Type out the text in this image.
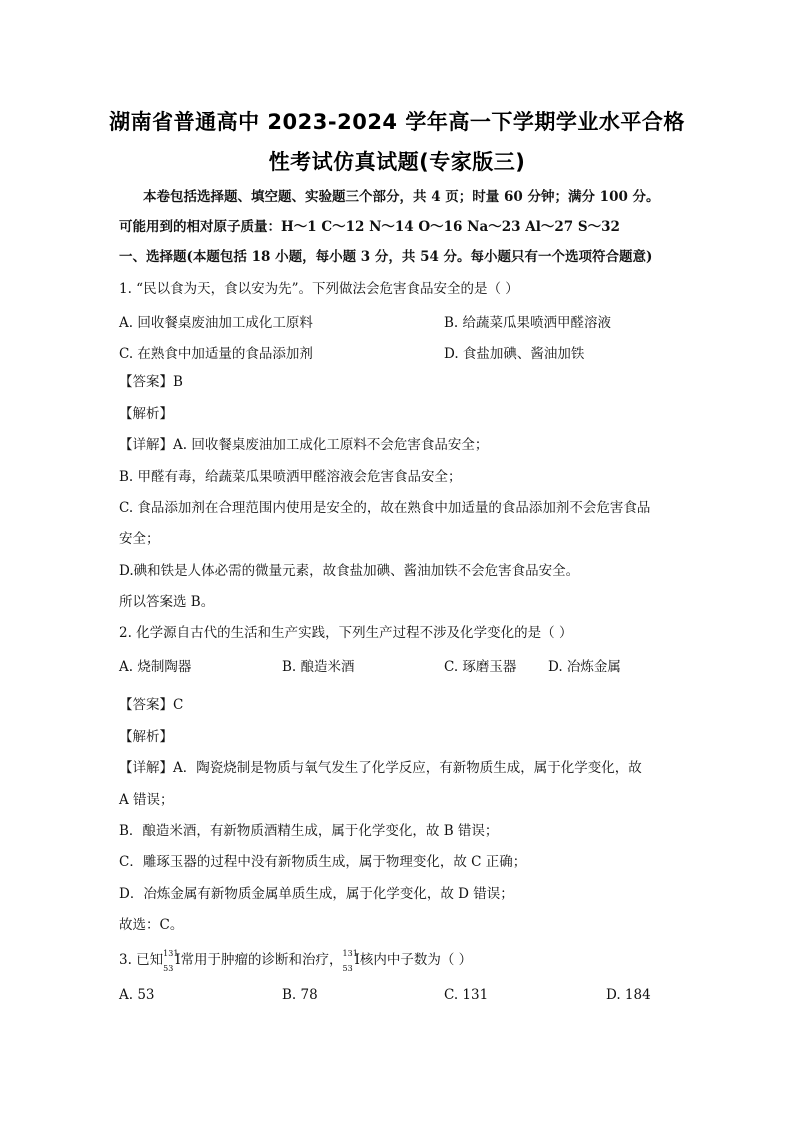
湖南省普通高中 2023-2024 学年高一下学期学业水平合格
性考试仿真试题(专家版三)
本卷包括选择题、填空题、实验题三个部分，共 4 页；时量 60 分钟；满分 100 分。
可能用到的相对原子质量：H～1 C～12 N～14 O～16 Na～23 Al～27 S～32
一、选择题(本题包括 18 小题，每小题 3 分，共 54 分。每小题只有一个选项符合题意)
1. “民以食为天，食以安为先”。下列做法会危害食品安全的是（ ）
A. 回收餐桌废油加工成化工原料	B. 给蔬菜瓜果喷洒甲醛溶液
C. 在熟食中加适量的食品添加剂	D. 食盐加碘、酱油加铁
【答案】B
【解析】
【详解】A. 回收餐桌废油加工成化工原料不会危害食品安全；
B. 甲醛有毒，给蔬菜瓜果喷洒甲醛溶液会危害食品安全；
C. 食品添加剂在合理范围内使用是安全的，故在熟食中加适量的食品添加剂不会危害食品
安全；
D.碘和铁是人体必需的微量元素，故食盐加碘、酱油加铁不会危害食品安全。
所以答案选 B。
2. 化学源自古代的生活和生产实践，下列生产过程不涉及化学变化的是（ ）
A. 烧制陶器	B. 酿造米酒	C. 琢磨玉器 D. 冶炼金属
【答案】C
【解析】
【详解】A．陶瓷烧制是物质与氧气发生了化学反应，有新物质生成，属于化学变化，故
A 错误；
B．酿造米酒，有新物质酒精生成，属于化学变化，故 B 错误；
C．雕琢玉器的过程中没有新物质生成，属于物理变化，故 C 正确；
D．冶炼金属有新物质金属单质生成，属于化学变化，故 D 错误；
故选：C。
3. 已知 131
53
I常用于肿瘤的诊断和治疗， 131
53
I核内中子数为（ ）
A. 53	B. 78	C. 131	D. 184
